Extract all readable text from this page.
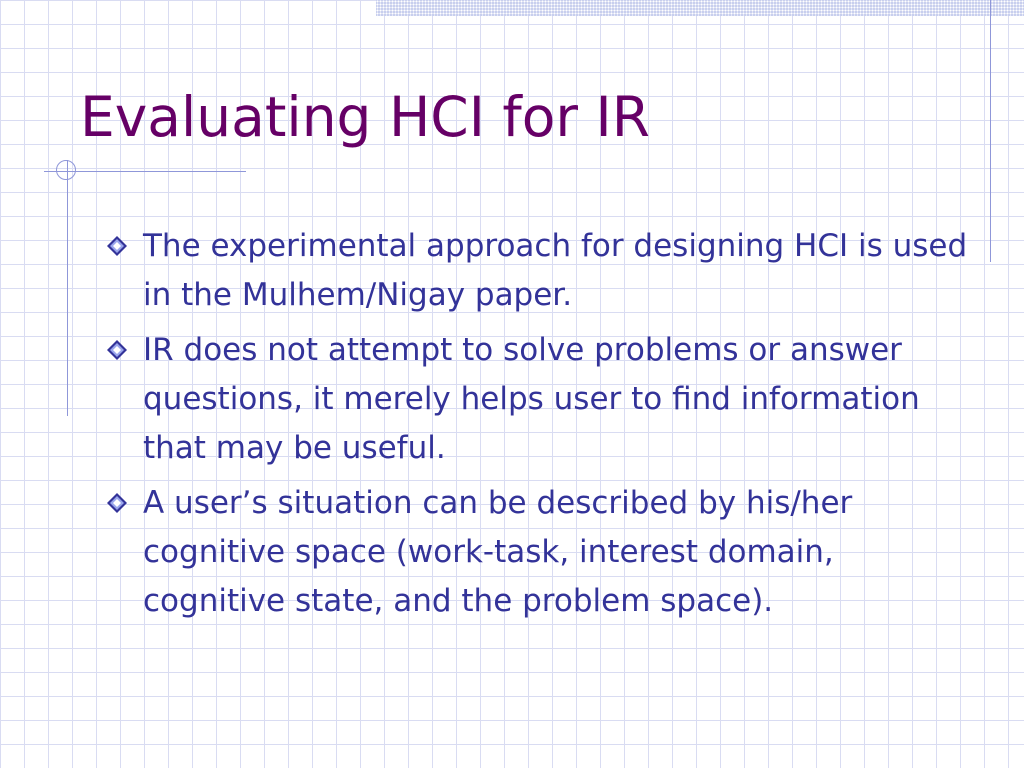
Evaluating HCI for IR
The experimental approach for designing HCI is used in the Mulhem/Nigay paper.
IR does not attempt to solve problems or answer questions, it merely helps user to find information that may be useful.
A user’s situation can be described by his/her cognitive space (work-task, interest domain, cognitive state, and the problem space).
